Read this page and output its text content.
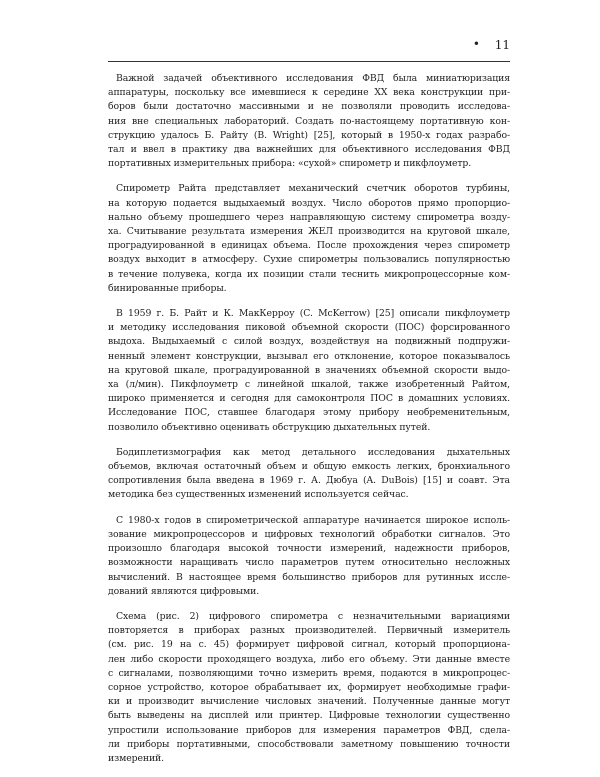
• 11
Важной задачей объективного исследования ФВД была миниатюризация
аппаратуры, поскольку все имевшиеся к середине XX века конструкции при-
боров были достаточно массивными и не позволяли проводить исследова-
ния вне специальных лабораторий. Создать по-настоящему портативную кон-
струкцию удалось Б. Райту (B. Wright) [25], который в 1950-х годах разрабо-
тал и ввел в практику два важнейших для объективного исследования ФВД
портативных измерительных прибора: «сухой» спирометр и пикфлоуметр.
Спирометр Райта представляет механический счетчик оборотов турбины,
на которую подается выдыхаемый воздух. Число оборотов прямо пропорцио-
нально объему прошедшего через направляющую систему спирометра возду-
ха. Считывание результата измерения ЖЕЛ производится на круговой шкале,
проградуированной в единицах объема. После прохождения через спирометр
воздух выходит в атмосферу. Сухие спирометры пользовались популярностью
в течение полувека, когда их позиции стали теснить микропроцессорные ком-
бинированные приборы.
В 1959 г. Б. Райт и К. МакКерроу (C. McKerrow) [25] описали пикфлоуметр
и методику исследования пиковой объемной скорости (ПОС) форсированного
выдоха. Выдыхаемый с силой воздух, воздействуя на подвижный подпружи-
ненный элемент конструкции, вызывал его отклонение, которое показывалось
на круговой шкале, проградуированной в значениях объемной скорости выдо-
ха (л/мин). Пикфлоуметр с линейной шкалой, также изобретенный Райтом,
широко применяется и сегодня для самоконтроля ПОС в домашних условиях.
Исследование ПОС, ставшее благодаря этому прибору необременительным,
позволило объективно оценивать обструкцию дыхательных путей.
Бодиплетизмография как метод детального исследования дыхательных
объемов, включая остаточный объем и общую емкость легких, бронхиального
сопротивления была введена в 1969 г. А. Дюбуа (A. DuBois) [15] и соавт. Эта
методика без существенных изменений используется сейчас.
С 1980-х годов в спирометрической аппаратуре начинается широкое исполь-
зование микропроцессоров и цифровых технологий обработки сигналов. Это
произошло благодаря высокой точности измерений, надежности приборов,
возможности наращивать число параметров путем относительно несложных
вычислений. В настоящее время большинство приборов для рутинных иссле-
дований являются цифровыми.
Схема (рис. 2) цифрового спирометра с незначительными вариациями
повторяется в приборах разных производителей. Первичный измеритель
(см. рис. 19 на с. 45) формирует цифровой сигнал, который пропорциона-
лен либо скорости проходящего воздуха, либо его объему. Эти данные вместе
с сигналами, позволяющими точно измерить время, подаются в микропроцес-
сорное устройство, которое обрабатывает их, формирует необходимые графи-
ки и производит вычисление числовых значений. Полученные данные могут
быть выведены на дисплей или принтер. Цифровые технологии существенно
упростили использование приборов для измерения параметров ФВД, сдела-
ли приборы портативными, способствовали заметному повышению точности
измерений.
